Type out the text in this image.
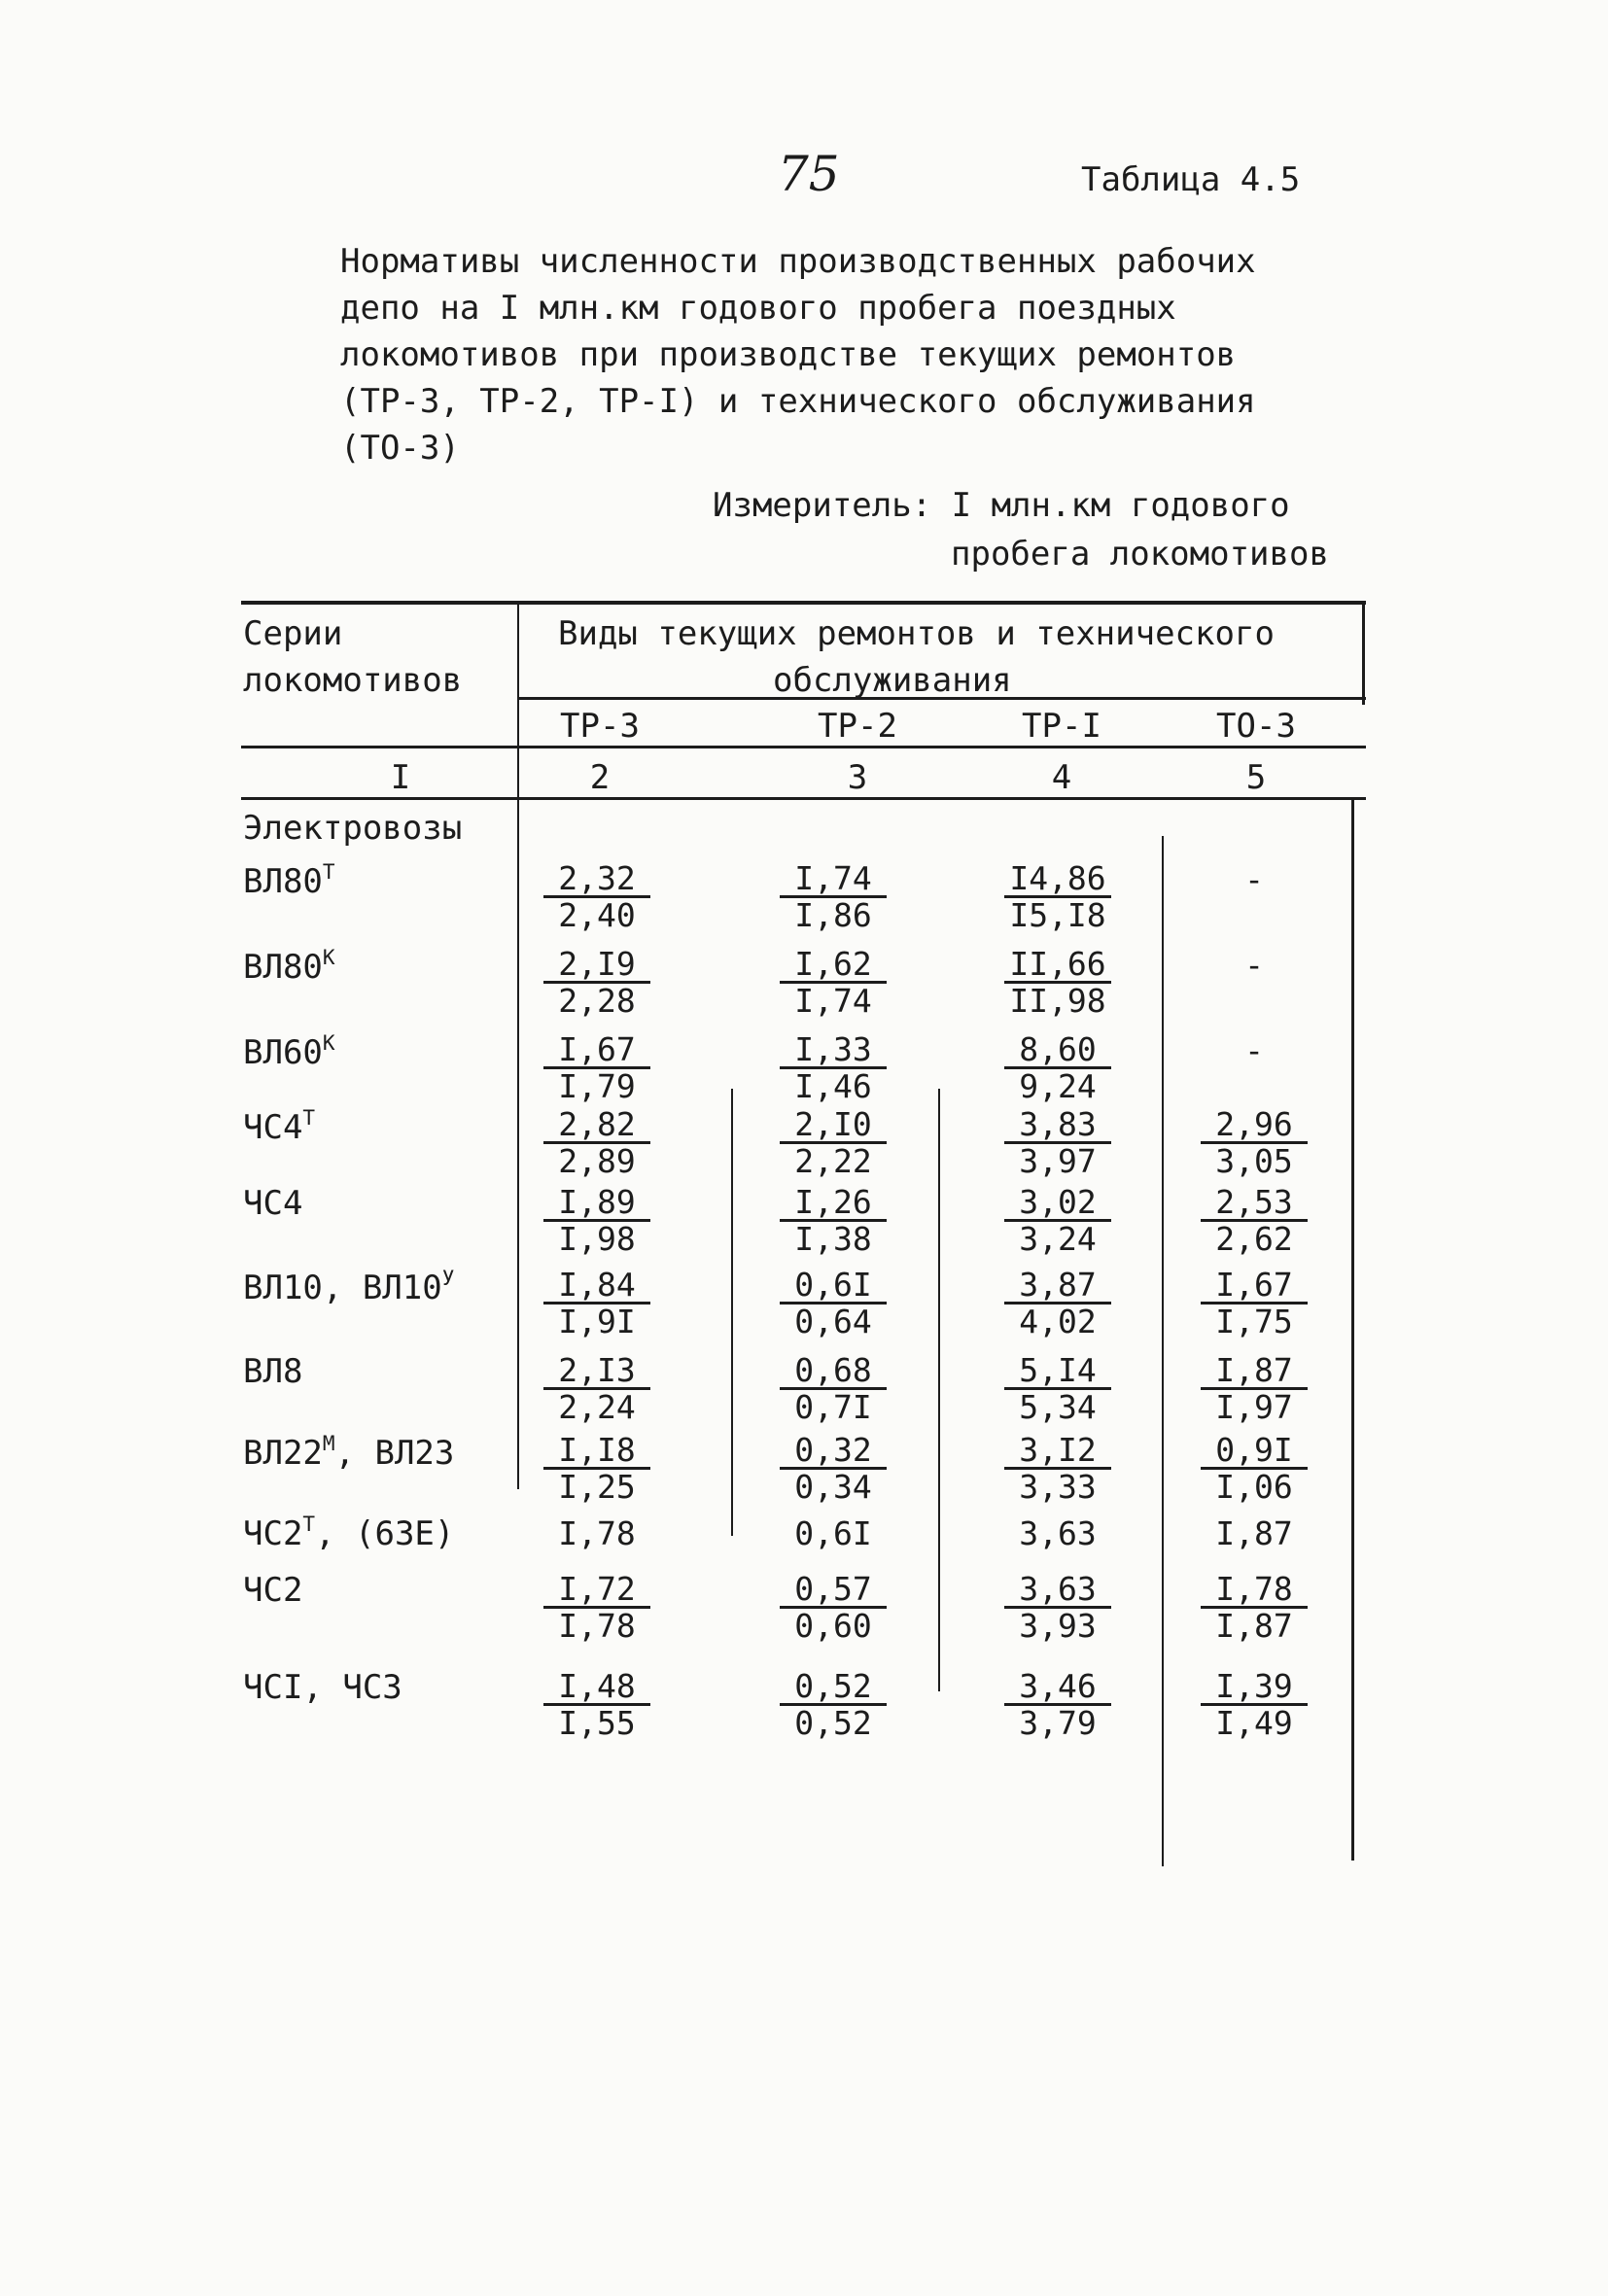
75	Таблица 4.5
Нормативы численности производственных рабочих
депо на I млн.км годового пробега поездных
локомотивов при производстве текущих ремонтов
(ТР-3, ТР-2, ТР-I) и технического обслуживания
(ТО-3)
Измеритель: I млн.км годового
пробега локомотивов
Серии
локомотивов
Виды текущих ремонтов и технического
обслуживания
ТР-3	ТР-2	ТР-I	ТО-3
I	2	3	4	5
Электровозы
$ВЛ80^Т$	$\frac{2,32}{2,40}$	$\frac{I,74}{I,86}$	$\frac{I4,86}{I5,I8}$	-
$ВЛ80^К$	$\frac{2,I9}{2,28}$	$\frac{I,62}{I,74}$	$\frac{II,66}{II,98}$	-
$ВЛ60^К$	$\frac{I,67}{I,79}$	$\frac{I,33}{I,46}$	$\frac{8,60}{9,24}$	-
$ЧС4^Т$	$\frac{2,82}{2,89}$	$\frac{2,I0}{2,22}$	$\frac{3,83}{3,97}$	$\frac{2,96}{3,05}$
ЧС4	$\frac{I,89}{I,98}$	$\frac{I,26}{I,38}$	$\frac{3,02}{3,24}$	$\frac{2,53}{2,62}$
ВЛ10, $ВЛ10^У$	$\frac{I,84}{I,9I}$	$\frac{0,6I}{0,64}$	$\frac{3,87}{4,02}$	$\frac{I,67}{I,75}$
ВЛ8	$\frac{2,I3}{2,24}$	$\frac{0,68}{0,7I}$	$\frac{5,I4}{5,34}$	$\frac{I,87}{I,97}$
$ВЛ22^М$, ВЛ23	$\frac{I,I8}{I,25}$	$\frac{0,32}{0,34}$	$\frac{3,I2}{3,33}$	$\frac{0,9I}{I,06}$
$ЧС2^Т$, (63Е)	I,78	0,6I	3,63	I,87
ЧС2	$\frac{I,72}{I,78}$	$\frac{0,57}{0,60}$	$\frac{3,63}{3,93}$	$\frac{I,78}{I,87}$
ЧСI, ЧС3	$\frac{I,48}{I,55}$	$\frac{0,52}{0,52}$	$\frac{3,46}{3,79}$	$\frac{I,39}{I,49}$
